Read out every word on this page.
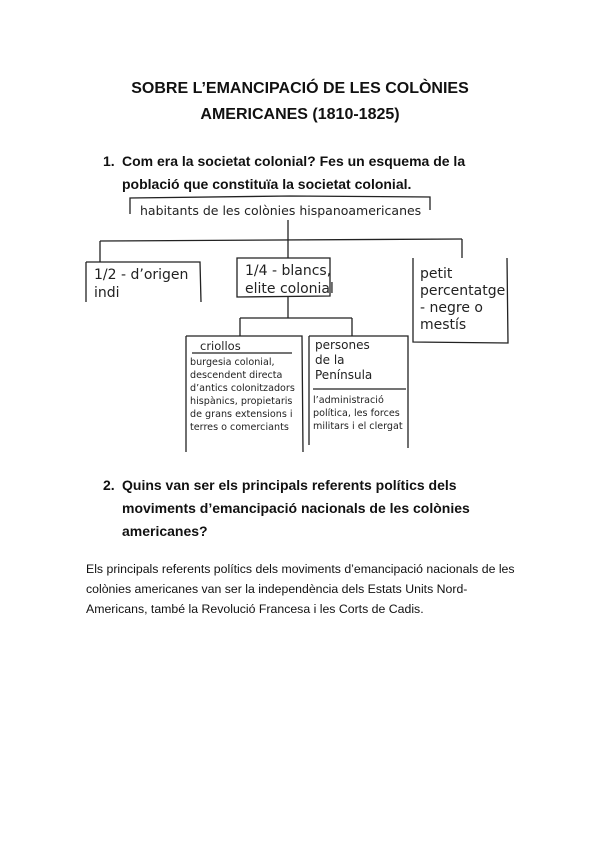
SOBRE L’EMANCIPACIÓ DE LES COLÒNIES
AMERICANES (1810-1825)
1. Com era la societat colonial? Fes un esquema de la població que constituïa la societat colonial.
habitants de les colònies hispanoamericanes
1/2 - d’origen
indi
1/4 - blancs,
elite colonial
petit
percentatge
- negre o
mestís
criollos
burgesia colonial,
descendent directa
d’antics colonitzadors
hispànics, propietaris
de grans extensions i
terres o comerciants
persones
de la
Península
l’administració
política, les forces
militars i el clergat
2. Quins van ser els principals referents polítics dels moviments d’emancipació nacionals de les colònies americanes?
Els principals referents polítics dels moviments d’emancipació nacionals de les colònies americanes van ser la independència dels Estats Units Nord-Americans, també la Revolució Francesa i les Corts de Cadis.
